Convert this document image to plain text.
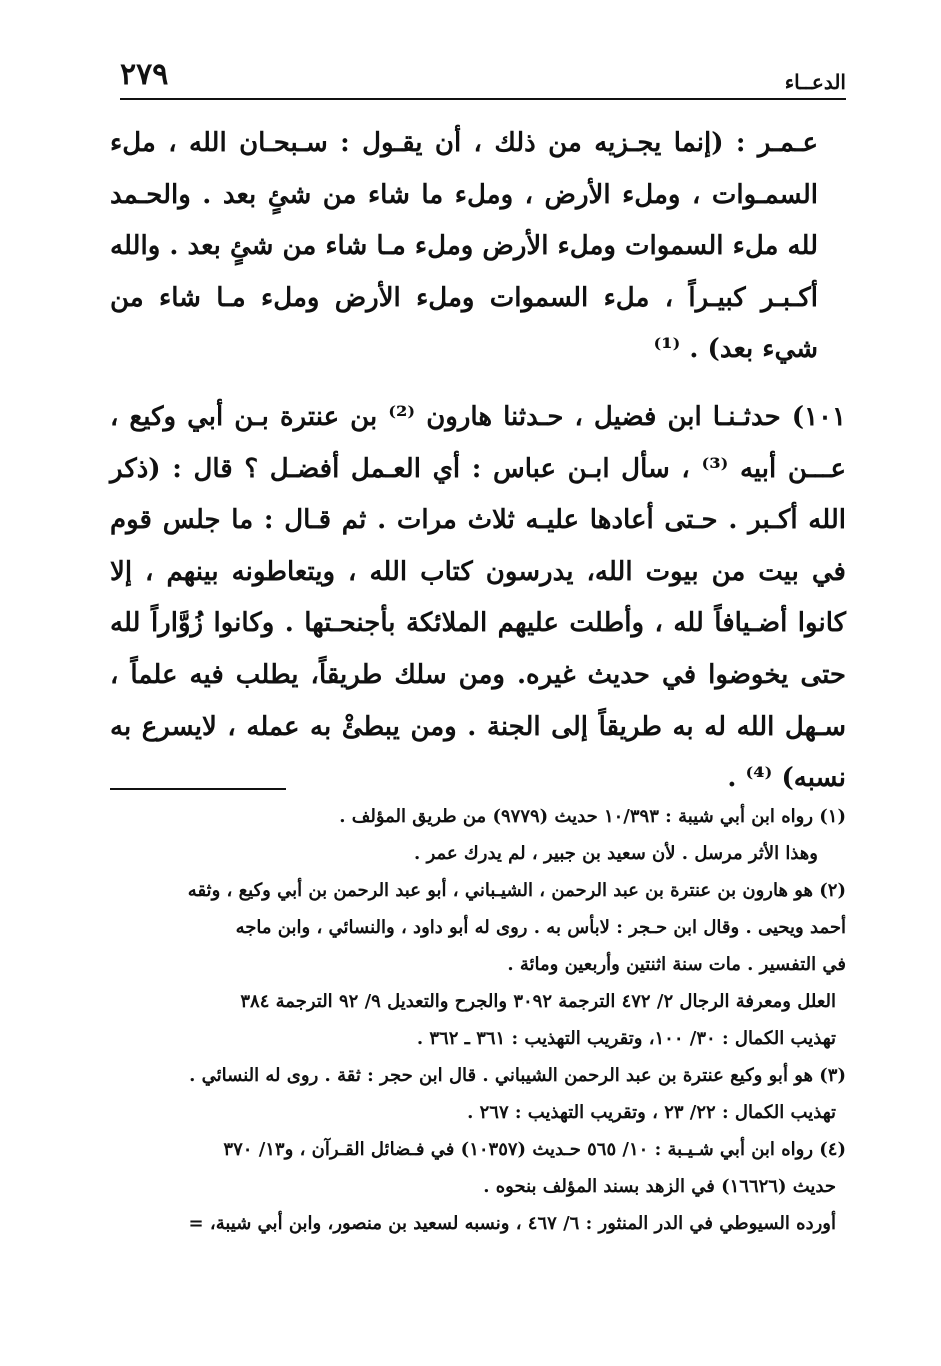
٢٧٩	الدعــاء

عـمـر : (إنما يجـزيه من ذلك ، أن يقـول : سـبحـان الله ، ملء السمـوات ، وملء الأرض ، وملء ما شاء من شئٍ بعد . والحـمد لله ملء السموات وملء الأرض وملء مـا شاء من شئٍ بعد . والله أكـبـر كبيـراً ، ملء السموات وملء الأرض وملء مـا شاء من شيء بعد) . ⁽¹⁾

١٠١) حدثـنـا ابن فضيل ، حـدثنا هارون ⁽²⁾ بن عنترة بـن أبي وكيع ، عـــن أبيه ⁽³⁾ ، سأل ابـن عباس : أي العـمل أفضـل ؟ قال : (ذكر الله أكـبر . حـتى أعادها عليـه ثلاث مرات . ثم قـال : ما جلس قوم في بيت من بيوت الله، يدرسون كتاب الله ، ويتعاطونه بينهم ، إلا كانوا أضـيافاً لله ، وأطلت عليهم الملائكة بأجنحـتها . وكانوا زُوَّاراً لله حتى يخوضوا في حديث غيره. ومن سلك طريقاً، يطلب فيه علماً ، سـهل الله له به طريقاً إلى الجنة . ومن يبطئْ به عمله ، لايسرع به نسبه) ⁽⁴⁾ .

(١) رواه ابن أبي شيبة : ١٠/٣٩٣ حديث (٩٧٧٩) من طريق المؤلف .

وهذا الأثر مرسل . لأن سعيد بن جبير ، لم يدرك عمر .

(٢) هو هارون بن عنترة بن عبد الرحمن ، الشيـباني ، أبو عبد الرحمن بن أبي وكيع ، وثقه

أحمد ويحيى . وقال ابن حـجر : لابأس به . روى له أبو داود ، والنسائي ، وابن ماجه

في التفسير . مات سنة اثنتين وأربعين ومائة .

العلل ومعرفة الرجال ٢/ ٤٧٢ الترجمة ٣٠٩٢ والجرح والتعديل ٩/ ٩٢ الترجمة ٣٨٤

تهذيب الكمال : ٣٠/ ١٠٠، وتقريب التهذيب : ٣٦١ ـ ٣٦٢ .

(٣) هو أبو وكيع عنترة بن عبد الرحمن الشيباني . قال ابن حجر : ثقة . روى له النسائي .

تهذيب الكمال : ٢٢/ ٢٣ ، وتقريب التهذيب : ٢٦٧ .

(٤) رواه ابن أبي شـيـبة : ١٠/ ٥٦٥ حـديث (١٠٣٥٧) في فـضائل القـرآن ، و١٣/ ٣٧٠

حديث (١٦٦٢٦) في الزهد بسند المؤلف بنحوه .

أورده السيوطي في الدر المنثور : ٦/ ٤٦٧ ، ونسبه لسعيد بن منصور، وابن أبي شيبة، =
